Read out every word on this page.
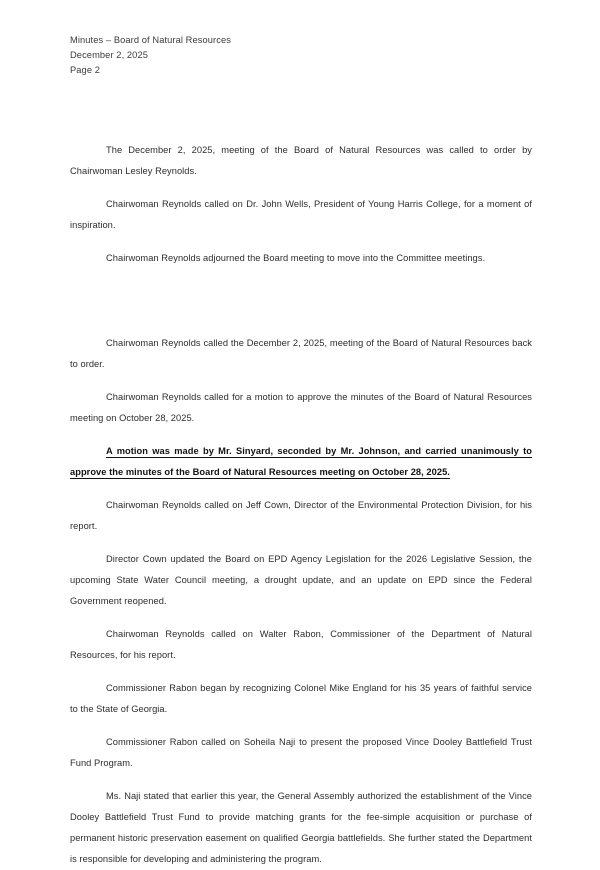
Minutes – Board of Natural Resources
December 2, 2025
Page 2

The December 2, 2025, meeting of the Board of Natural Resources was called to order by Chairwoman Lesley Reynolds.

Chairwoman Reynolds called on Dr. John Wells, President of Young Harris College, for a moment of inspiration.

Chairwoman Reynolds adjourned the Board meeting to move into the Committee meetings.

Chairwoman Reynolds called the December 2, 2025, meeting of the Board of Natural Resources back to order.

Chairwoman Reynolds called for a motion to approve the minutes of the Board of Natural Resources meeting on October 28, 2025.

A motion was made by Mr. Sinyard, seconded by Mr. Johnson, and carried unanimously to approve the minutes of the Board of Natural Resources meeting on October 28, 2025.

Chairwoman Reynolds called on Jeff Cown, Director of the Environmental Protection Division, for his report.

Director Cown updated the Board on EPD Agency Legislation for the 2026 Legislative Session, the upcoming State Water Council meeting, a drought update, and an update on EPD since the Federal Government reopened.

Chairwoman Reynolds called on Walter Rabon, Commissioner of the Department of Natural Resources, for his report.

Commissioner Rabon began by recognizing Colonel Mike England for his 35 years of faithful service to the State of Georgia.

Commissioner Rabon called on Soheila Naji to present the proposed Vince Dooley Battlefield Trust Fund Program.

Ms. Naji stated that earlier this year, the General Assembly authorized the establishment of the Vince Dooley Battlefield Trust Fund to provide matching grants for the fee-simple acquisition or purchase of permanent historic preservation easement on qualified Georgia battlefields. She further stated the Department is responsible for developing and administering the program.
